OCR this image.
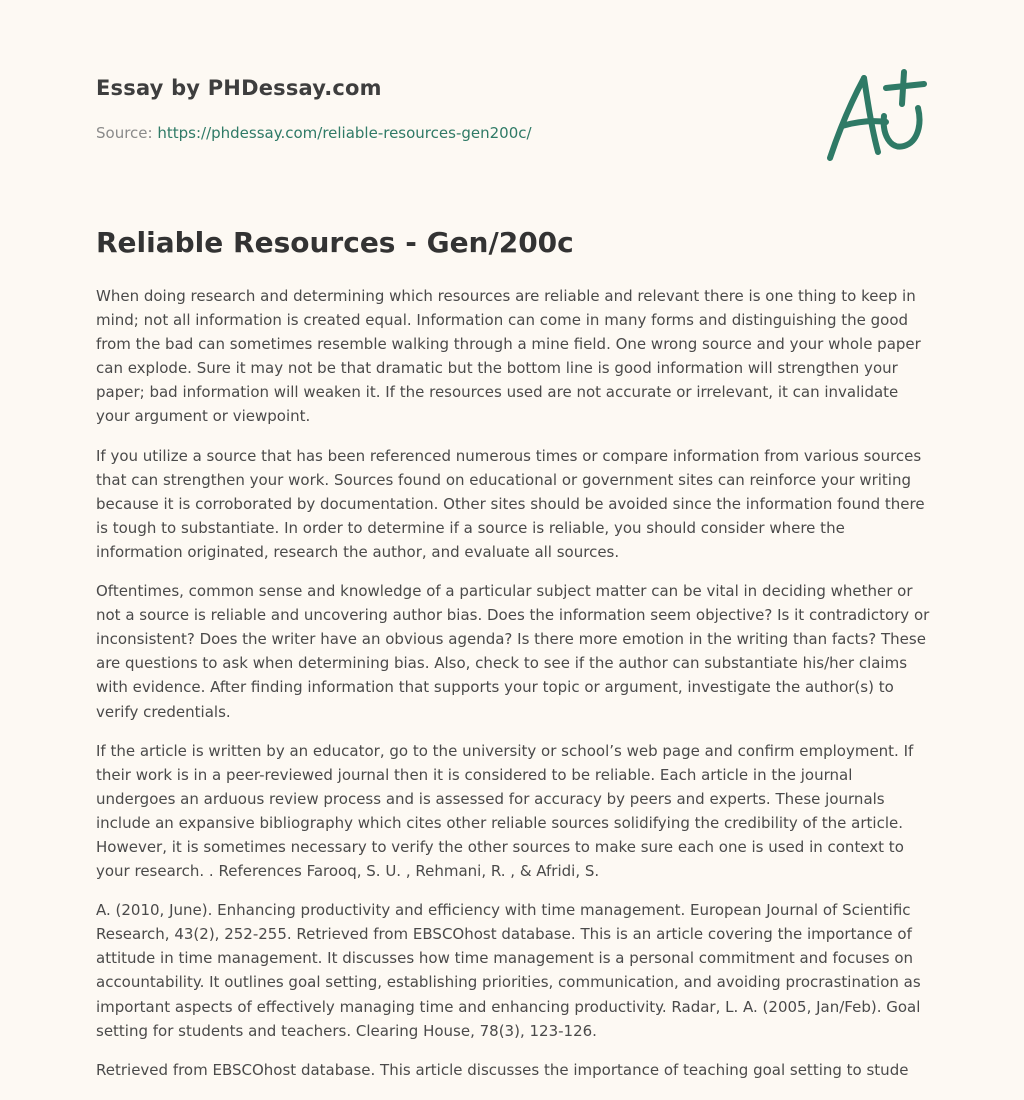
Essay by PHDessay.com

Source: https://phdessay.com/reliable-resources-gen200c/

Reliable Resources - Gen/200c

When doing research and determining which resources are reliable and relevant there is one thing to keep in mind; not all information is created equal. Information can come in many forms and distinguishing the good from the bad can sometimes resemble walking through a mine field. One wrong source and your whole paper can explode. Sure it may not be that dramatic but the bottom line is good information will strengthen your paper; bad information will weaken it. If the resources used are not accurate or irrelevant, it can invalidate your argument or viewpoint.

If you utilize a source that has been referenced numerous times or compare information from various sources that can strengthen your work. Sources found on educational or government sites can reinforce your writing because it is corroborated by documentation. Other sites should be avoided since the information found there is tough to substantiate. In order to determine if a source is reliable, you should consider where the information originated, research the author, and evaluate all sources.

Oftentimes, common sense and knowledge of a particular subject matter can be vital in deciding whether or not a source is reliable and uncovering author bias. Does the information seem objective? Is it contradictory or inconsistent? Does the writer have an obvious agenda? Is there more emotion in the writing than facts? These are questions to ask when determining bias. Also, check to see if the author can substantiate his/her claims with evidence. After finding information that supports your topic or argument, investigate the author(s) to verify credentials.

If the article is written by an educator, go to the university or school’s web page and confirm employment. If their work is in a peer-reviewed journal then it is considered to be reliable. Each article in the journal undergoes an arduous review process and is assessed for accuracy by peers and experts. These journals include an expansive bibliography which cites other reliable sources solidifying the credibility of the article. However, it is sometimes necessary to verify the other sources to make sure each one is used in context to your research. . References Farooq, S. U. , Rehmani, R. , & Afridi, S.

A. (2010, June). Enhancing productivity and efficiency with time management. European Journal of Scientific Research, 43(2), 252-255. Retrieved from EBSCOhost database. This is an article covering the importance of attitude in time management. It discusses how time management is a personal commitment and focuses on accountability. It outlines goal setting, establishing priorities, communication, and avoiding procrastination as important aspects of effectively managing time and enhancing productivity. Radar, L. A. (2005, Jan/Feb). Goal setting for students and teachers. Clearing House, 78(3), 123-126.

Retrieved from EBSCOhost database. This article discusses the importance of teaching goal setting to stude
